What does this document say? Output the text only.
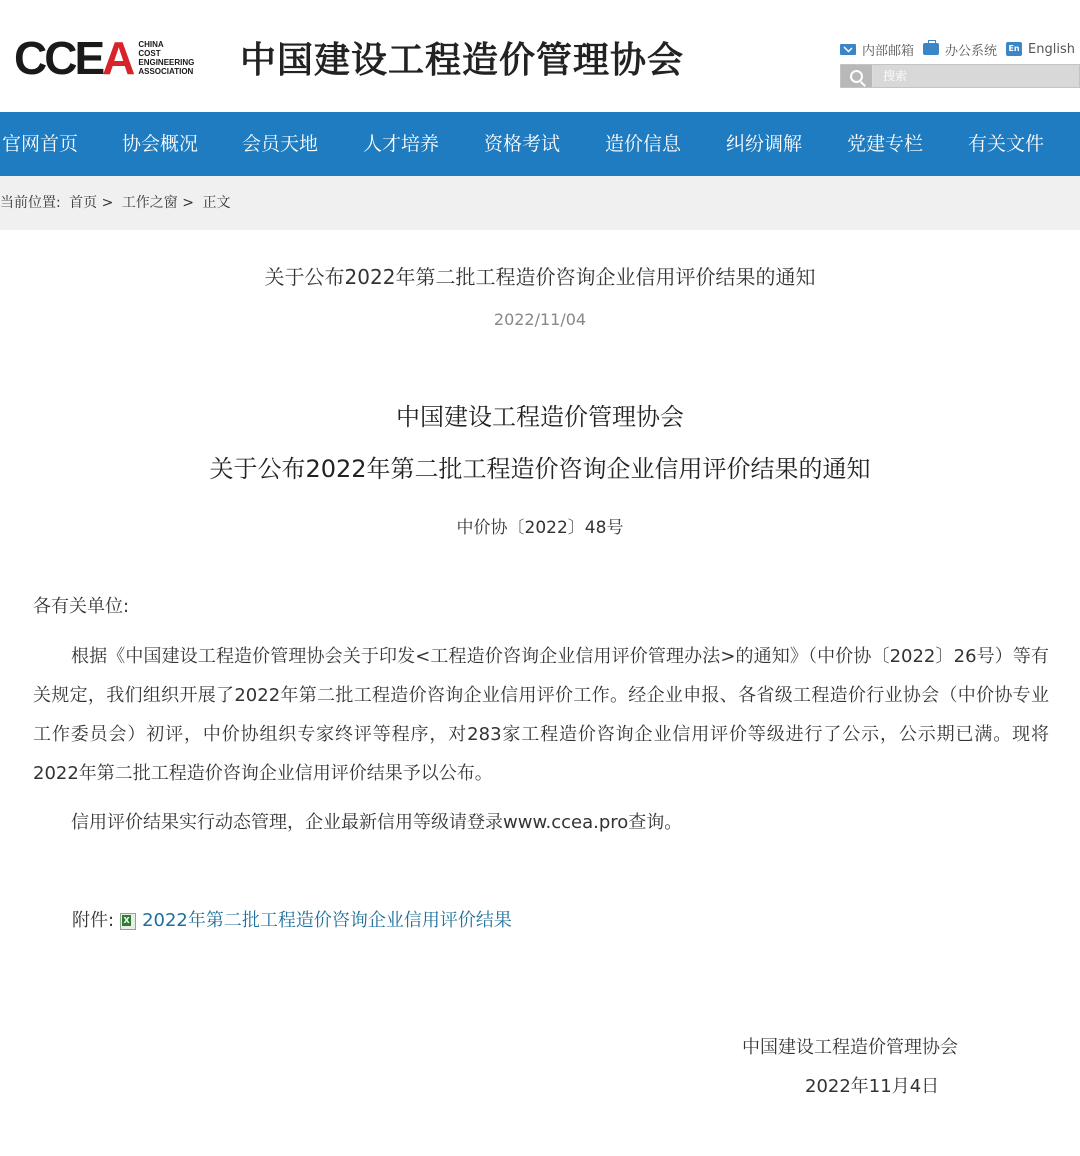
CCEA CHINA
COST
ENGINEERING
ASSOCIATION 中国建设工程造价管理协会	内部邮箱 办公系统	En English
搜索
官网首页 协会概况 会员天地 人才培养 资格考试 造价信息 纠纷调解 党建专栏 有关文件
当前位置: 首页 > 工作之窗 > 正文
关于公布2022年第二批工程造价咨询企业信用评价结果的通知
2022/11/04
中国建设工程造价管理协会
关于公布2022年第二批工程造价咨询企业信用评价结果的通知
中价协〔2022〕48号
各有关单位:
根据《中国建设工程造价管理协会关于印发<工程造价咨询企业信用评价管理办法>的通知》（中价协〔2022〕26号）等有关规定，我们组织开展了2022年第二批工程造价咨询企业信用评价工作。经企业申报、各省级工程造价行业协会（中价协专业工作委员会）初评，中价协组织专家终评等程序，对283家工程造价咨询企业信用评价等级进行了公示，公示期已满。现将2022年第二批工程造价咨询企业信用评价结果予以公布。
信用评价结果实行动态管理，企业最新信用等级请登录www.ccea.pro查询。
附件:
X 2022年第二批工程造价咨询企业信用评价结果
中国建设工程造价管理协会
2022年11月4日
